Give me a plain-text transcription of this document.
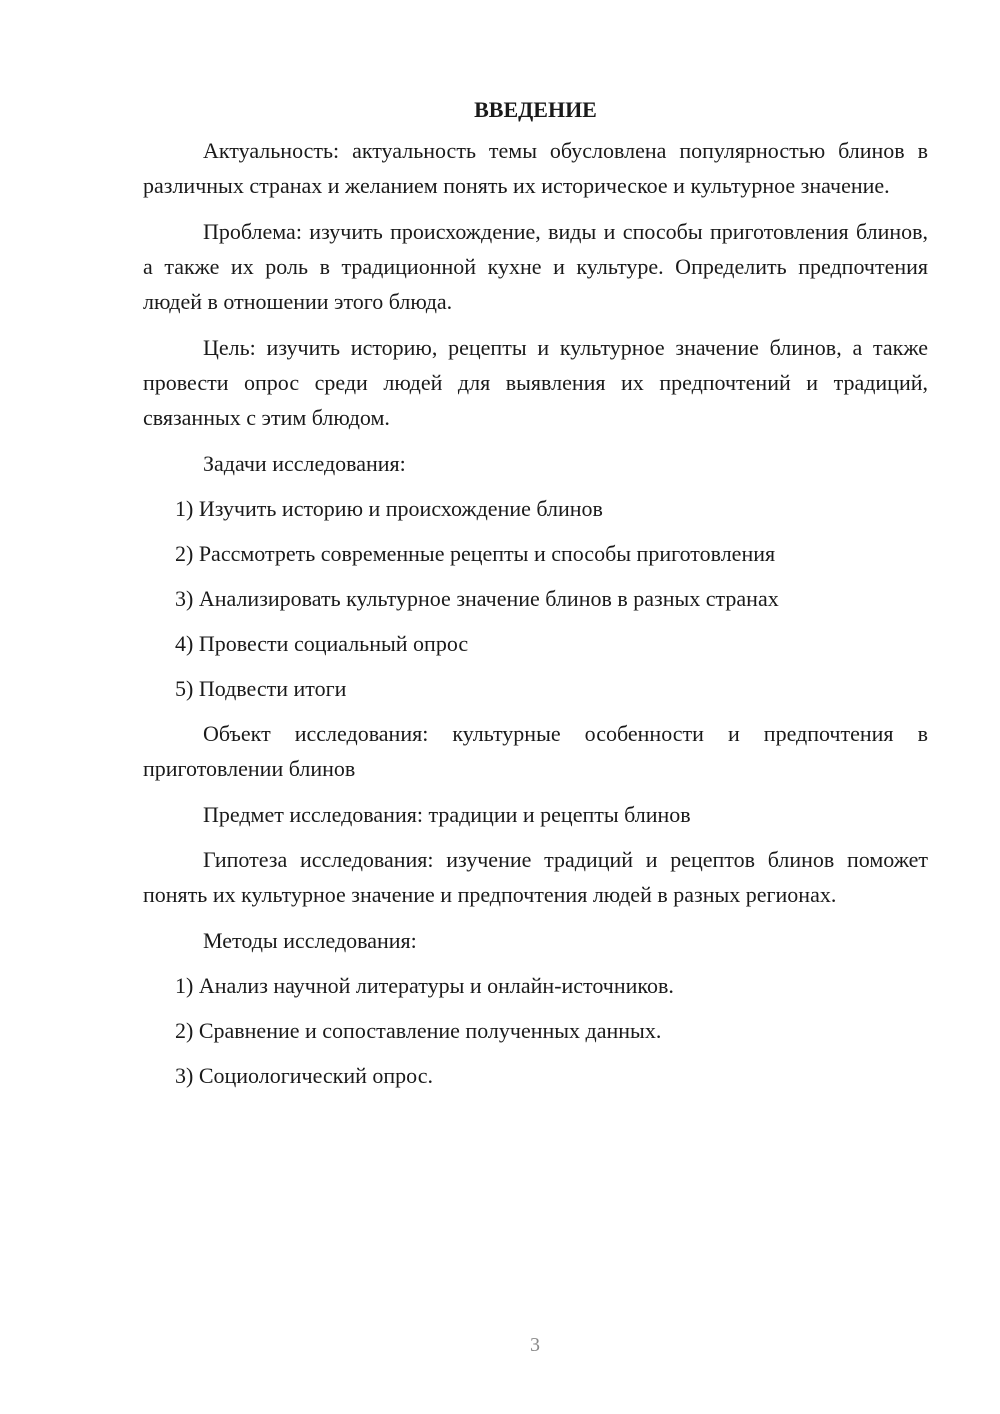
ВВЕДЕНИЕ

Актуальность: актуальность темы обусловлена популярностью блинов в различных странах и желанием понять их историческое и культурное значение.

Проблема: изучить происхождение, виды и способы приготовления блинов, а также их роль в традиционной кухне и культуре. Определить предпочтения людей в отношении этого блюда.

Цель: изучить историю, рецепты и культурное значение блинов, а также провести опрос среди людей для выявления их предпочтений и традиций, связанных с этим блюдом.

Задачи исследования:

1) Изучить историю и происхождение блинов
2) Рассмотреть современные рецепты и способы приготовления
3) Анализировать культурное значение блинов в разных странах
4) Провести социальный опрос
5) Подвести итоги

Объект исследования: культурные особенности и предпочтения в приготовлении блинов

Предмет исследования: традиции и рецепты блинов

Гипотеза исследования: изучение традиций и рецептов блинов поможет понять их культурное значение и предпочтения людей в разных регионах.

Методы исследования:

1) Анализ научной литературы и онлайн-источников.
2) Сравнение и сопоставление полученных данных.
3) Социологический опрос.
3
